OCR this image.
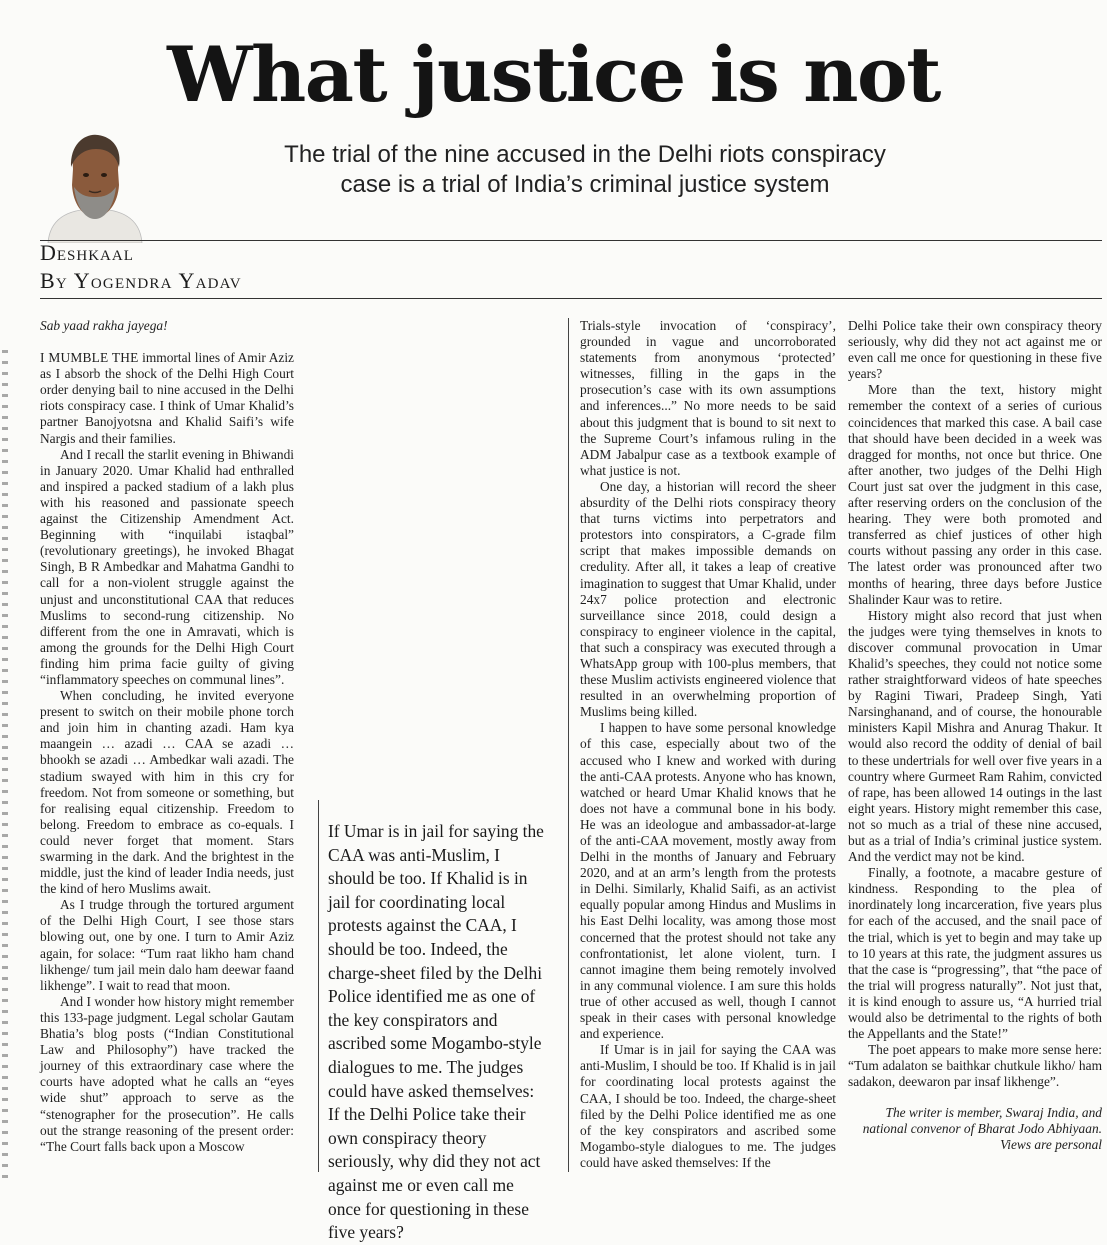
What justice is not
The trial of the nine accused in the Delhi riots conspiracy
case is a trial of India’s criminal justice system
Deshkaal
By Yogendra Yadav

Sab yaad rakha jayega!

I MUMBLE THE immortal lines of Amir Aziz as I absorb the shock of the Delhi High Court order denying bail to nine accused in the Delhi riots conspiracy case. I think of Umar Khalid’s partner Banojyotsna and Khalid Saifi’s wife Nargis and their families.

And I recall the starlit evening in Bhiwandi in January 2020. Umar Khalid had enthralled and inspired a packed stadium of a lakh plus with his reasoned and passionate speech against the Citizenship Amendment Act. Beginning with “inquilabi istaqbal” (revolutionary greetings), he invoked Bhagat Singh, B R Ambedkar and Mahatma Gandhi to call for a non-violent struggle against the unjust and unconstitutional CAA that reduces Muslims to second-rung citizenship. No different from the one in Amravati, which is among the grounds for the Delhi High Court finding him prima facie guilty of giving “inflammatory speeches on communal lines”.

When concluding, he invited everyone present to switch on their mobile phone torch and join him in chanting azadi. Ham kya maangein … azadi … CAA se azadi … bhookh se azadi … Ambedkar wali azadi. The stadium swayed with him in this cry for freedom. Not from someone or something, but for realising equal citizenship. Freedom to belong. Freedom to embrace as co-equals. I could never forget that moment. Stars swarming in the dark. And the brightest in the middle, just the kind of leader India needs, just the kind of hero Muslims await.

As I trudge through the tortured argument of the Delhi High Court, I see those stars blowing out, one by one. I turn to Amir Aziz again, for solace: “Tum raat likho ham chand likhenge/ tum jail mein dalo ham deewar faand likhenge”. I wait to read that moon.

And I wonder how history might remember this 133-page judgment. Legal scholar Gautam Bhatia’s blog posts (“Indian Constitutional Law and Philosophy”) have tracked the journey of this extraordinary case where the courts have adopted what he calls an “eyes wide shut” approach to serve as the “stenographer for the prosecution”. He calls out the strange reasoning of the present order: “The Court falls back upon a Moscow

If Umar is in jail for saying the CAA was anti-Muslim, I should be too. If Khalid is in jail for coordinating local protests against the CAA, I should be too. Indeed, the charge-sheet filed by the Delhi Police identified me as one of the key conspirators and ascribed some Mogambo-style dialogues to me. The judges could have asked themselves: If the Delhi Police take their own conspiracy theory seriously, why did they not act against me or even call me once for questioning in these five years?

Trials-style invocation of ‘conspiracy’, grounded in vague and uncorroborated statements from anonymous ‘protected’ witnesses, filling in the gaps in the prosecution’s case with its own assumptions and inferences...” No more needs to be said about this judgment that is bound to sit next to the Supreme Court’s infamous ruling in the ADM Jabalpur case as a textbook example of what justice is not.

One day, a historian will record the sheer absurdity of the Delhi riots conspiracy theory that turns victims into perpetrators and protestors into conspirators, a C-grade film script that makes impossible demands on credulity. After all, it takes a leap of creative imagination to suggest that Umar Khalid, under 24x7 police protection and electronic surveillance since 2018, could design a conspiracy to engineer violence in the capital, that such a conspiracy was executed through a WhatsApp group with 100-plus members, that these Muslim activists engineered violence that resulted in an overwhelming proportion of Muslims being killed.

I happen to have some personal knowledge of this case, especially about two of the accused who I knew and worked with during the anti-CAA protests. Anyone who has known, watched or heard Umar Khalid knows that he does not have a communal bone in his body. He was an ideologue and ambassador-at-large of the anti-CAA movement, mostly away from Delhi in the months of January and February 2020, and at an arm’s length from the protests in Delhi. Similarly, Khalid Saifi, as an activist equally popular among Hindus and Muslims in his East Delhi locality, was among those most concerned that the protest should not take any confrontationist, let alone violent, turn. I cannot imagine them being remotely involved in any communal violence. I am sure this holds true of other accused as well, though I cannot speak in their cases with personal knowledge and experience.

If Umar is in jail for saying the CAA was anti-Muslim, I should be too. If Khalid is in jail for coordinating local protests against the CAA, I should be too. Indeed, the charge-sheet filed by the Delhi Police identified me as one of the key conspirators and ascribed some Mogambo-style dialogues to me. The judges could have asked themselves: If the

Delhi Police take their own conspiracy theory seriously, why did they not act against me or even call me once for questioning in these five years?

More than the text, history might remember the context of a series of curious coincidences that marked this case. A bail case that should have been decided in a week was dragged for months, not once but thrice. One after another, two judges of the Delhi High Court just sat over the judgment in this case, after reserving orders on the conclusion of the hearing. They were both promoted and transferred as chief justices of other high courts without passing any order in this case. The latest order was pronounced after two months of hearing, three days before Justice Shalinder Kaur was to retire.

History might also record that just when the judges were tying themselves in knots to discover communal provocation in Umar Khalid’s speeches, they could not notice some rather straightforward videos of hate speeches by Ragini Tiwari, Pradeep Singh, Yati Narsinghanand, and of course, the honourable ministers Kapil Mishra and Anurag Thakur. It would also record the oddity of denial of bail to these undertrials for well over five years in a country where Gurmeet Ram Rahim, convicted of rape, has been allowed 14 outings in the last eight years. History might remember this case, not so much as a trial of these nine accused, but as a trial of India’s criminal justice system. And the verdict may not be kind.

Finally, a footnote, a macabre gesture of kindness. Responding to the plea of inordinately long incarceration, five years plus for each of the accused, and the snail pace of the trial, which is yet to begin and may take up to 10 years at this rate, the judgment assures us that the case is “progressing”, that “the pace of the trial will progress naturally”. Not just that, it is kind enough to assure us, “A hurried trial would also be detrimental to the rights of both the Appellants and the State!”

The poet appears to make more sense here: “Tum adalaton se baithkar chutkule likho/ ham sadakon, deewaron par insaf likhenge”.

The writer is member, Swaraj India, and national convenor of Bharat Jodo Abhiyaan. Views are personal
